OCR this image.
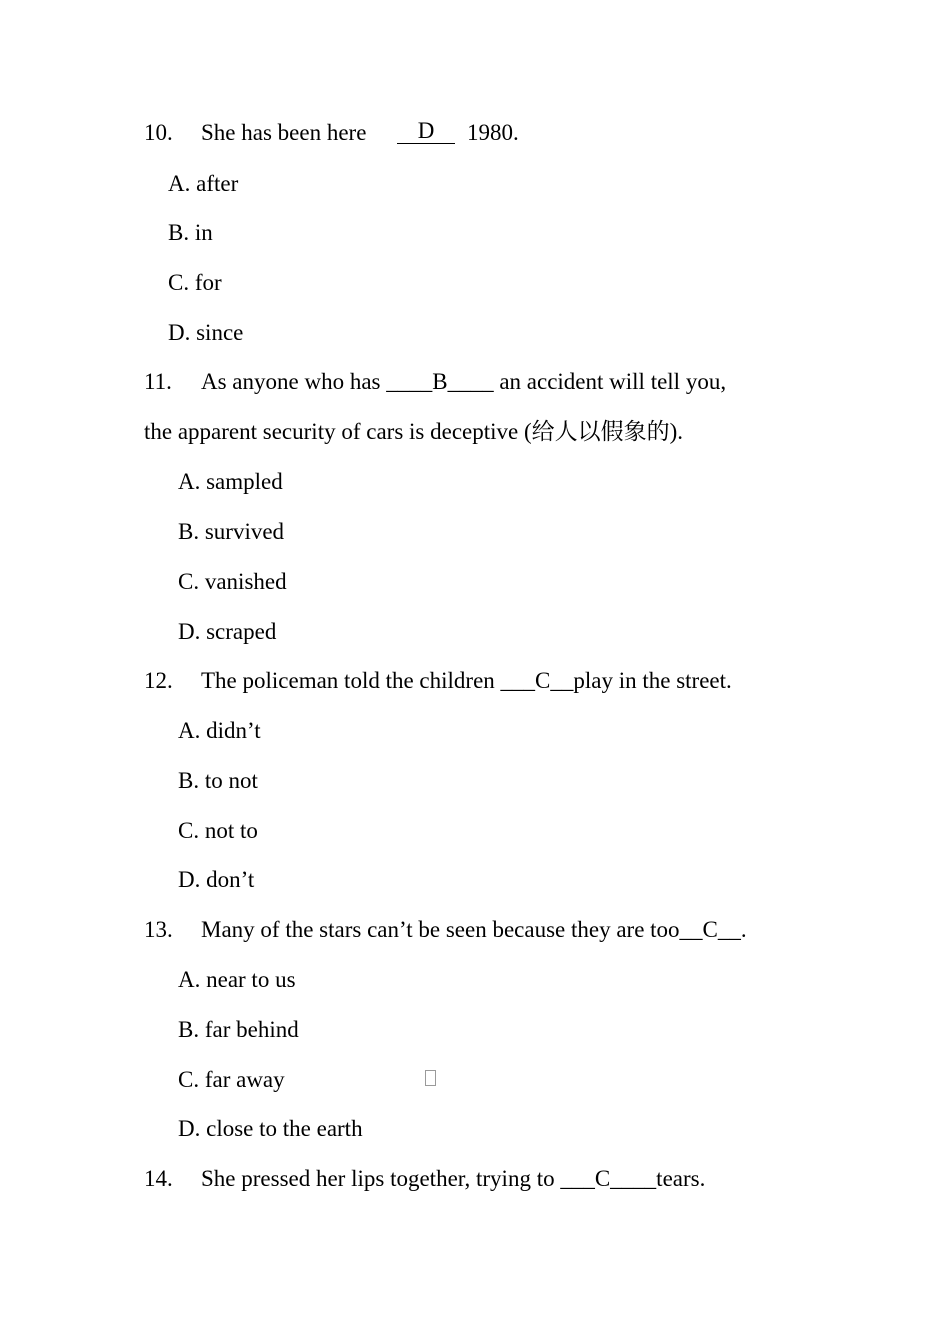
10. She has been here	D	1980.
A. after
B. in
C. for
D. since
11. As anyone who has ____B____ an accident will tell you,
the apparent security of cars is deceptive (给人以假象的).
A. sampled
B. survived
C. vanished
D. scraped
12. The policeman told the children ___C__play in the street.
A. didn’t
B. to not
C. not to
D. don’t
13. Many of the stars can’t be seen because they are too__C__.
A. near to us
B. far behind
C. far away
D. close to the earth
14. She pressed her lips together, trying to ___C____tears.
